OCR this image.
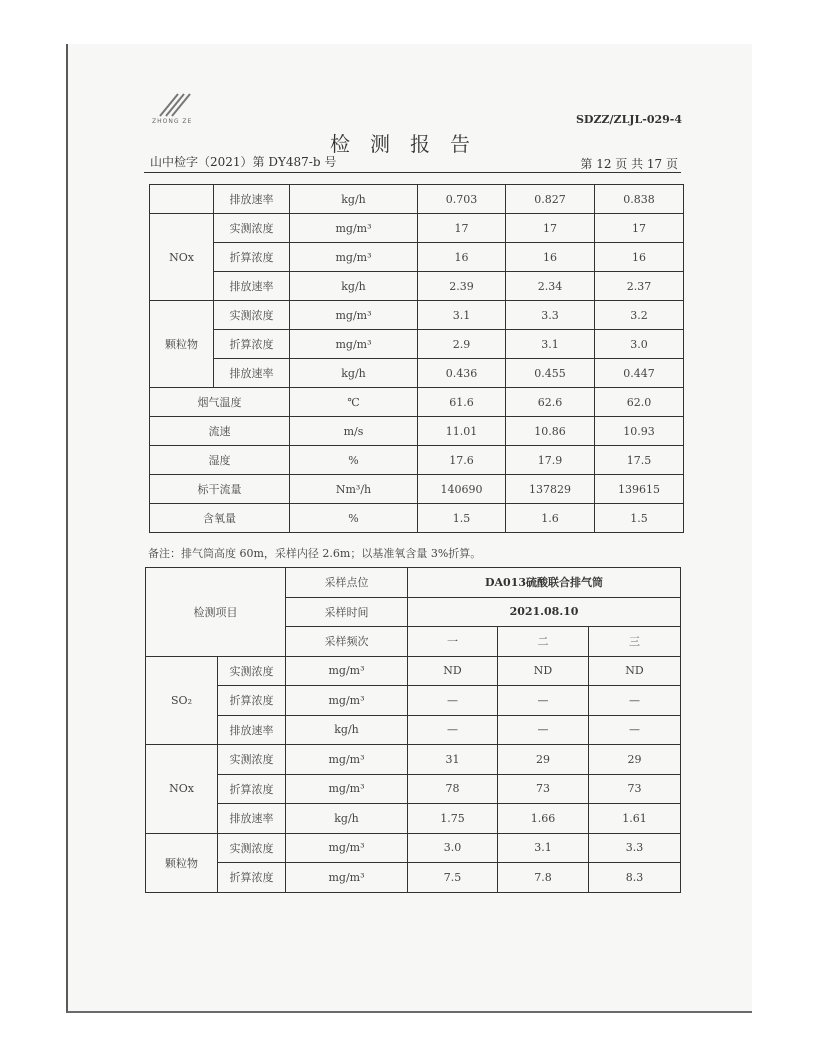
ZHONG ZE	SDZZ/ZLJL-029-4
检测报告
山中检字（2021）第 DY487-b 号	第 12 页 共 17 页
	排放速率	kg/h	0.703	0.827	0.838
NOx	实测浓度	mg/m³	17	17	17
	折算浓度	mg/m³	16	16	16
	排放速率	kg/h	2.39	2.34	2.37
颗粒物	实测浓度	mg/m³	3.1	3.3	3.2
	折算浓度	mg/m³	2.9	3.1	3.0
	排放速率	kg/h	0.436	0.455	0.447
烟气温度		℃	61.6	62.6	62.0
流速		m/s	11.01	10.86	10.93
湿度		%	17.6	17.9	17.5
标干流量		Nm³/h	140690	137829	139615
含氧量		%	1.5	1.6	1.5
备注：排气筒高度 60m，采样内径 2.6m；以基准氧含量 3%折算。
检测项目		采样点位	DA013硫酸联合排气筒		
		采样时间	2021.08.10		
		采样频次	一	二	三
SO₂	实测浓度	mg/m³	ND	ND	ND
	折算浓度	mg/m³	—	—	—
	排放速率	kg/h	—	—	—
NOx	实测浓度	mg/m³	31	29	29
	折算浓度	mg/m³	78	73	73
	排放速率	kg/h	1.75	1.66	1.61
颗粒物	实测浓度	mg/m³	3.0	3.1	3.3
	折算浓度	mg/m³	7.5	7.8	8.3
